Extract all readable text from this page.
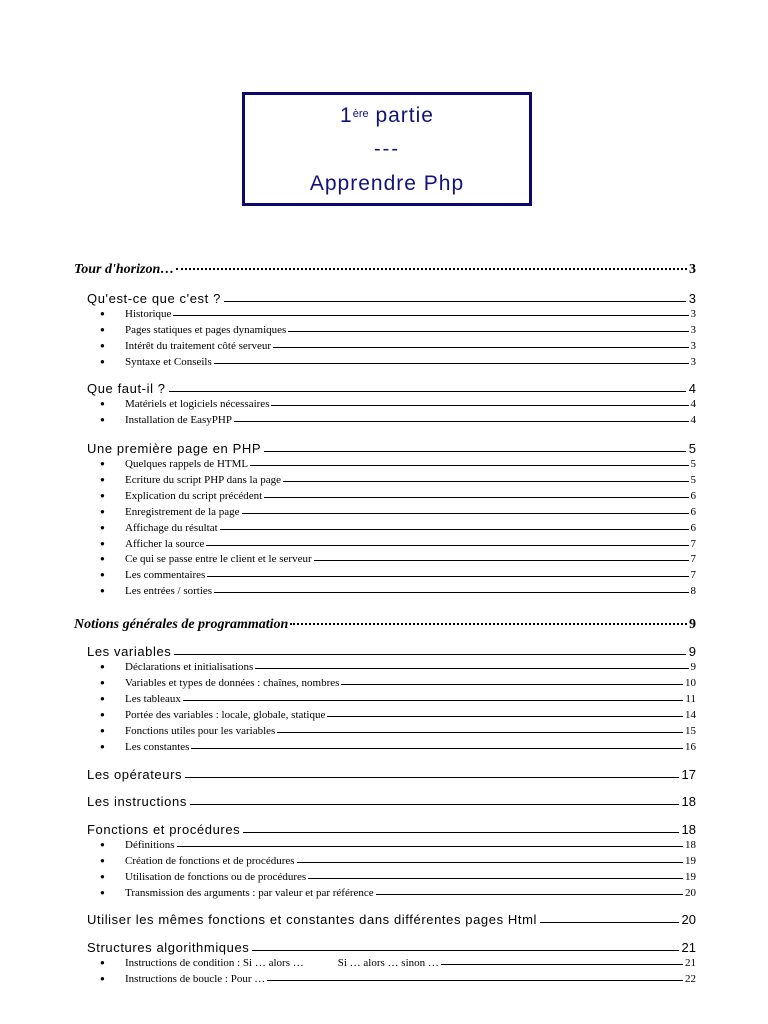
1ère partie
---
Apprendre Php
Tour d'horizon…	3
Qu'est-ce que c'est ?	3
●	Historique	3
●	Pages statiques et pages dynamiques	3
●	Intérêt du traitement côté serveur	3
●	Syntaxe et Conseils	3
Que faut-il ?	4
●	Matériels et logiciels nécessaires	4
●	Installation de EasyPHP	4
Une première page en PHP	5
●	Quelques rappels de HTML	5
●	Ecriture du script PHP dans la page	5
●	Explication du script précédent	6
●	Enregistrement de la page	6
●	Affichage du résultat	6
●	Afficher la source	7
●	Ce qui se passe entre le client et le serveur	7
●	Les commentaires	7
●	Les entrées / sorties	8
Notions générales de programmation	9
Les variables	9
●	Déclarations et initialisations	9
●	Variables et types de données : chaînes, nombres	10
●	Les tableaux	11
●	Portée des variables : locale, globale, statique	14
●	Fonctions utiles pour les variables	15
●	Les constantes	16
Les opérateurs	17
Les instructions	18
Fonctions et procédures	18
●	Définitions	18
●	Création de fonctions et de procédures	19
●	Utilisation de fonctions ou de procédures	19
●	Transmission des arguments : par valeur et par référence	20
Utiliser les mêmes fonctions et constantes dans différentes pages Html	20
Structures algorithmiques	21
●	Instructions de condition : Si … alors …	Si … alors … sinon …	21
●	Instructions de boucle : Pour …	22
